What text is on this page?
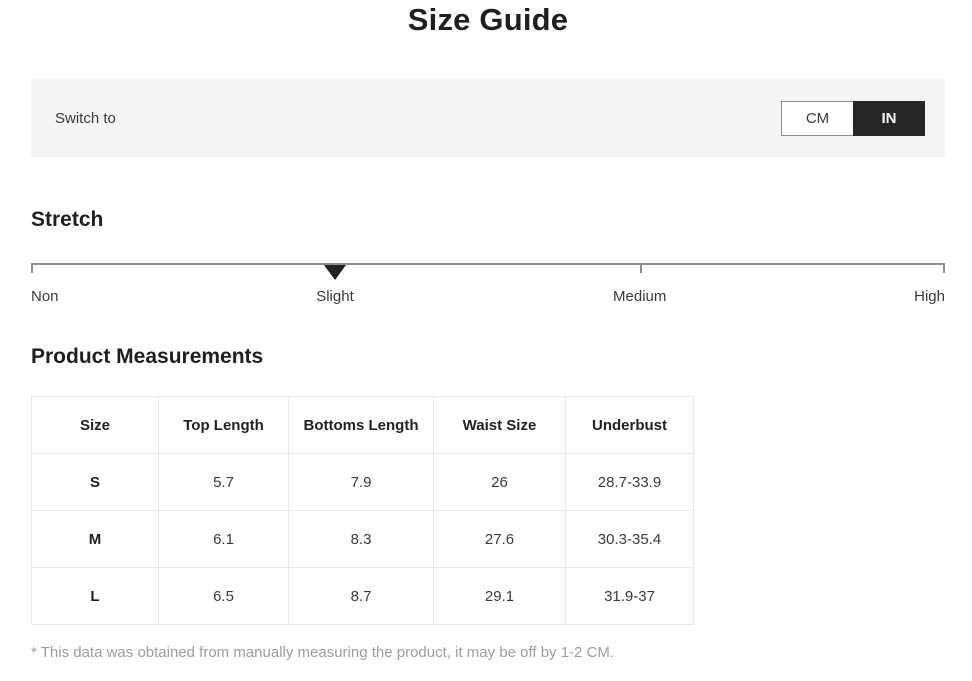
Size Guide
Switch to	CM	IN
Stretch
Non	Slight	Medium	High
Product Measurements
Size	Top Length	Bottoms Length	Waist Size	Underbust
S	5.7	7.9	26	28.7-33.9
M	6.1	8.3	27.6	30.3-35.4
L	6.5	8.7	29.1	31.9-37

* This data was obtained from manually measuring the product, it may be off by 1-2 CM.
